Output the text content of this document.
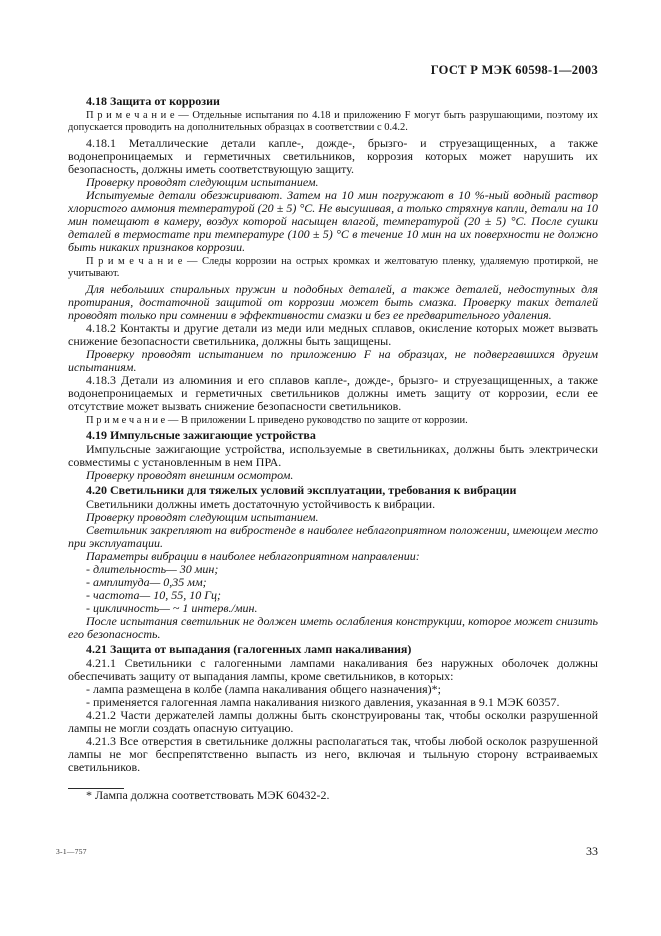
ГОСТ Р МЭК 60598-1—2003

4.18 Защита от коррозии

П р и м е ч а н и е — Отдельные испытания по 4.18 и приложению F могут быть разрушающими, поэтому их допускается проводить на дополнительных образцах в соответствии с 0.4.2.

4.18.1 Металлические детали капле-, дожде-, брызго- и струезащищенных, а также водонепроницаемых и герметичных светильников, коррозия которых может нарушить их безопасность, должны иметь соответствующую защиту.

Проверку проводят следующим испытанием.

Испытуемые детали обезжиривают. Затем на 10 мин погружают в 10 %-ный водный раствор хлористого аммония температурой (20 ± 5) °С. Не высушивая, а только стряхнув капли, детали на 10 мин помещают в камеру, воздух которой насыщен влагой, температурой (20 ± 5) °С. После сушки деталей в термостате при температуре (100 ± 5) °С в течение 10 мин на их поверхности не должно быть никаких признаков коррозии.

П р и м е ч а н и е — Следы коррозии на острых кромках и желтоватую пленку, удаляемую протиркой, не учитывают.

Для небольших спиральных пружин и подобных деталей, а также деталей, недоступных для протирания, достаточной защитой от коррозии может быть смазка. Проверку таких деталей проводят только при сомнении в эффективности смазки и без ее предварительного удаления.

4.18.2 Контакты и другие детали из меди или медных сплавов, окисление которых может вызвать снижение безопасности светильника, должны быть защищены.

Проверку проводят испытанием по приложению F на образцах, не подвергавшихся другим испытаниям.

4.18.3 Детали из алюминия и его сплавов капле-, дожде-, брызго- и струезащищенных, а также водонепроницаемых и герметичных светильников должны иметь защиту от коррозии, если ее отсутствие может вызвать снижение безопасности светильников.

П р и м е ч а н и е — В приложении L приведено руководство по защите от коррозии.

4.19 Импульсные зажигающие устройства

Импульсные зажигающие устройства, используемые в светильниках, должны быть электрически совместимы с установленным в нем ПРА.

Проверку проводят внешним осмотром.

4.20 Светильники для тяжелых условий эксплуатации, требования к вибрации

Светильники должны иметь достаточную устойчивость к вибрации.

Проверку проводят следующим испытанием.

Светильник закрепляют на вибростенде в наиболее неблагоприятном положении, имеющем место при эксплуатации.

Параметры вибрации в наиболее неблагоприятном направлении:

- длительность— 30 мин;

- амплитуда— 0,35 мм;

- частота— 10, 55, 10 Гц;

- цикличность— ~ 1 интерв./мин.

После испытания светильник не должен иметь ослабления конструкции, которое может снизить его безопасность.

4.21 Защита от выпадания (галогенных ламп накаливания)

4.21.1 Светильники с галогенными лампами накаливания без наружных оболочек должны обеспечивать защиту от выпадания лампы, кроме светильников, в которых:

- лампа размещена в колбе (лампа накаливания общего назначения)*;

- применяется галогенная лампа накаливания низкого давления, указанная в 9.1 МЭК 60357.

4.21.2 Части держателей лампы должны быть сконструированы так, чтобы осколки разрушенной лампы не могли создать опасную ситуацию.

4.21.3 Все отверстия в светильнике должны располагаться так, чтобы любой осколок разрушенной лампы не мог беспрепятственно выпасть из него, включая и тыльную сторону встраиваемых светильников.

* Лампа должна соответствовать МЭК 60432-2.

3-1—757	33
